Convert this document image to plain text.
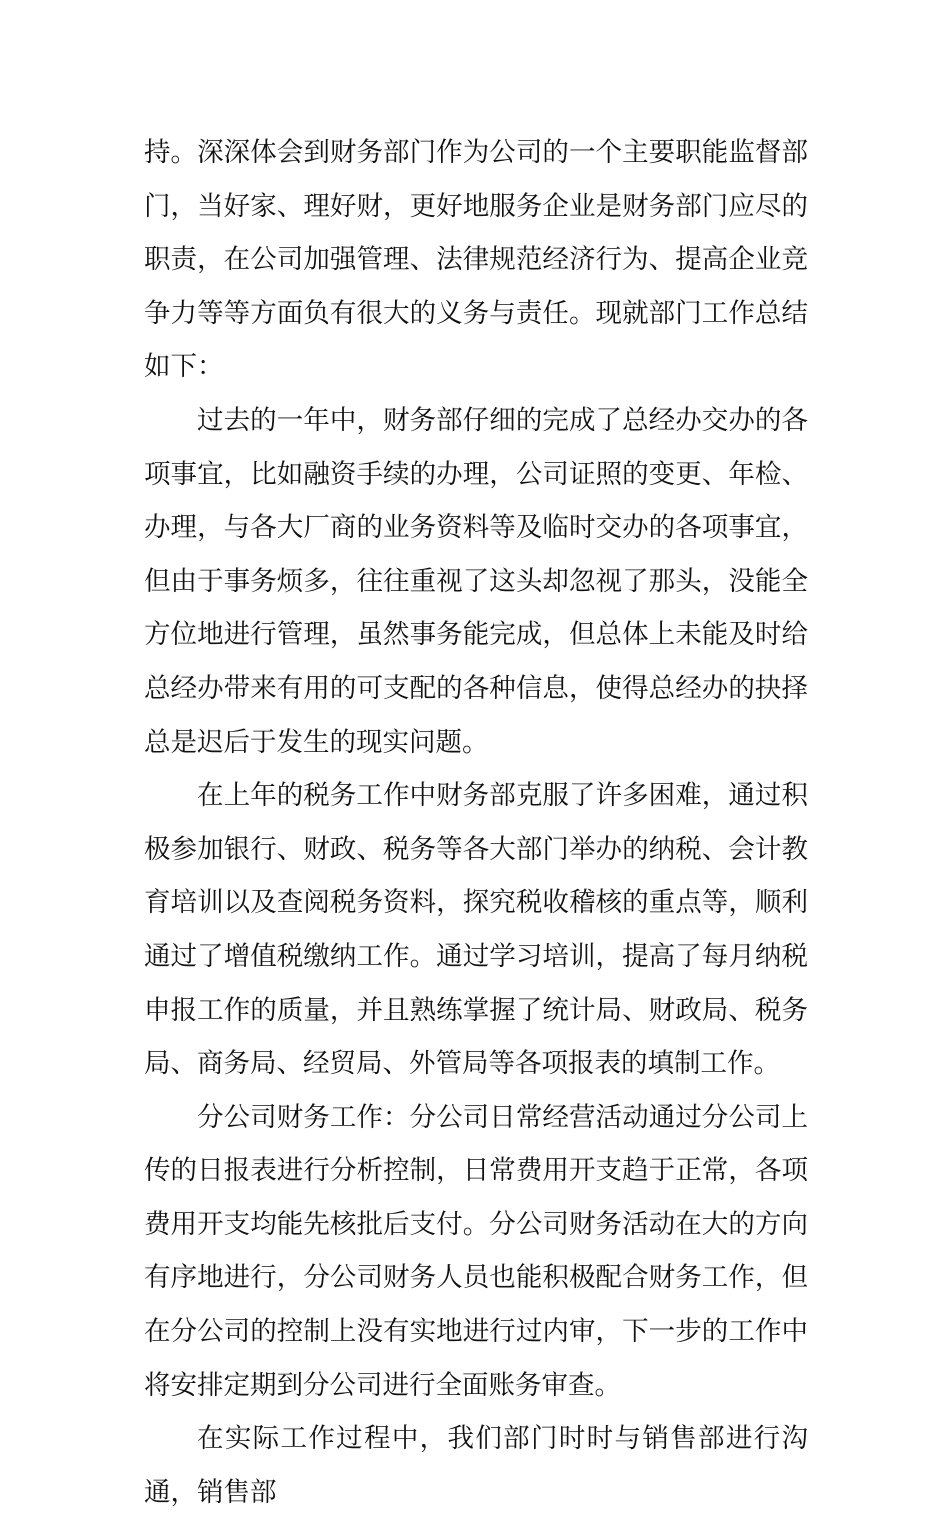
持。深深体会到财务部门作为公司的一个主要职能监督部门，当好家、理好财，更好地服务企业是财务部门应尽的职责，在公司加强管理、法律规范经济行为、提高企业竞争力等等方面负有很大的义务与责任。现就部门工作总结如下：

过去的一年中，财务部仔细的完成了总经办交办的各项事宜，比如融资手续的办理，公司证照的变更、年检、办理，与各大厂商的业务资料等及临时交办的各项事宜，但由于事务烦多，往往重视了这头却忽视了那头，没能全方位地进行管理，虽然事务能完成，但总体上未能及时给总经办带来有用的可支配的各种信息，使得总经办的抉择总是迟后于发生的现实问题。

在上年的税务工作中财务部克服了许多困难，通过积极参加银行、财政、税务等各大部门举办的纳税、会计教育培训以及查阅税务资料，探究税收稽核的重点等，顺利通过了增值税缴纳工作。通过学习培训，提高了每月纳税申报工作的质量，并且熟练掌握了统计局、财政局、税务局、商务局、经贸局、外管局等各项报表的填制工作。

分公司财务工作：分公司日常经营活动通过分公司上传的日报表进行分析控制，日常费用开支趋于正常，各项费用开支均能先核批后支付。分公司财务活动在大的方向有序地进行，分公司财务人员也能积极配合财务工作，但在分公司的控制上没有实地进行过内审，下一步的工作中将安排定期到分公司进行全面账务审查。

在实际工作过程中，我们部门时时与销售部进行沟通，销售部
